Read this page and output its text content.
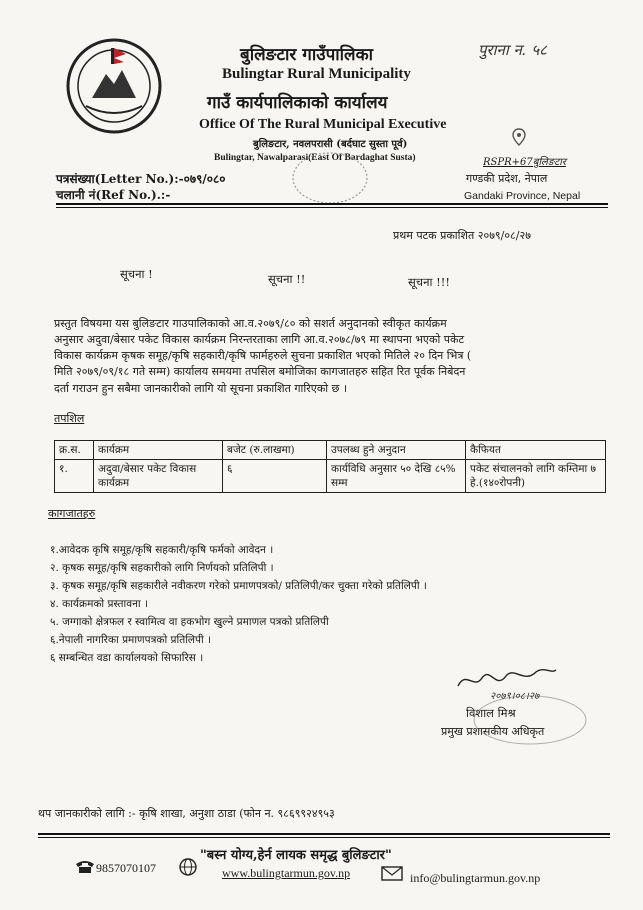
बुलिङटार गाउँपालिका
Bulingtar Rural Municipality
गाउँ कार्यपालिकाको कार्यालय
Office Of The Rural Municipal Executive
बुलिङटार, नवलपरासी (बर्दघाट सुस्ता पूर्व)
Bulingtar, Nawalparasi(East Of Bardaghat Susta)
पुराना न. ५८
RSPR+67बुलिङटार
गण्डकी प्रदेश, नेपाल
Gandaki Province, Nepal
पत्रसंख्या(Letter No.):-०७९/०८०
चलानी नं(Ref No.).:-
प्रथम पटक प्रकाशित २०७९/०८/२७
सूचना !	सूचना !!	सूचना !!!

प्रस्तुत विषयमा यस बुलिङटार गाउपालिकाको आ.व.२०७९/८० को सशर्त अनुदानको स्वीकृत कार्यक्रम

अनुसार अदुवा/बेसार पकेट विकास कार्यक्रम निरन्तरताका लागि आ.व.२०७८/७९ मा स्थापना भएको पकेट

विकास कार्यक्रम कृषक समूह/कृषि सहकारी/कृषि फार्महरुले सुचना प्रकाशित भएको मितिले २० दिन भित्र (

मिति २०७९/०९/१८ गते सम्म) कार्यालय समयमा तपसिल बमोजिका कागजातहरु सहित रित पूर्वक निबेदन

दर्ता गराउन हुन सबैमा जानकारीको लागि यो सूचना प्रकाशित गारिएको छ ।

तपशिल
क्र.स.	कार्यक्रम	बजेट (रु.लाखमा)	उपलब्ध हुने अनुदान	कैफियत
१.	अदुवा/बेसार पकेट विकास कार्यक्रम	६	कार्यविधि अनुसार ५० देखि ८५% सम्म	पकेट संचालनको लागि कम्तिमा ७ हे.(१४०रोपनी)
कागजातहरु
१.आवेदक कृषि समूह/कृषि सहकारी/कृषि फर्मको आवेदन ।
२. कृषक समूह/कृषि सहकारीको लागि निर्णयको प्रतिलिपी ।
३. कृषक समूह/कृषि सहकारीले नवीकरण गरेको प्रमाणपत्रको/ प्रतिलिपी/कर चुक्ता गरेको प्रतिलिपी ।
४. कार्यक्रमको प्रस्तावना ।
५. जग्गाको क्षेत्रफल र स्वामित्व वा हकभोग खुल्ने प्रमाणल पत्रको प्रतिलिपी
६.नेपाली नागरिका प्रमाणपत्रको प्रतिलिपी ।
६ सम्बन्धित वडा कार्यालयको सिफारिस ।
२०७९।०८।२७
विशाल मिश्र
प्रमुख प्रशासकीय अधिकृत
थप जानकारीको लागि :- कृषि शाखा, अनुशा ठाडा (फोन न. ९८६९९२४९५३
"बस्न योग्य,हेर्न लायक समृद्ध बुलिङटार"
9857070107	www.bulingtarmun.gov.np	info@bulingtarmun.gov.np
